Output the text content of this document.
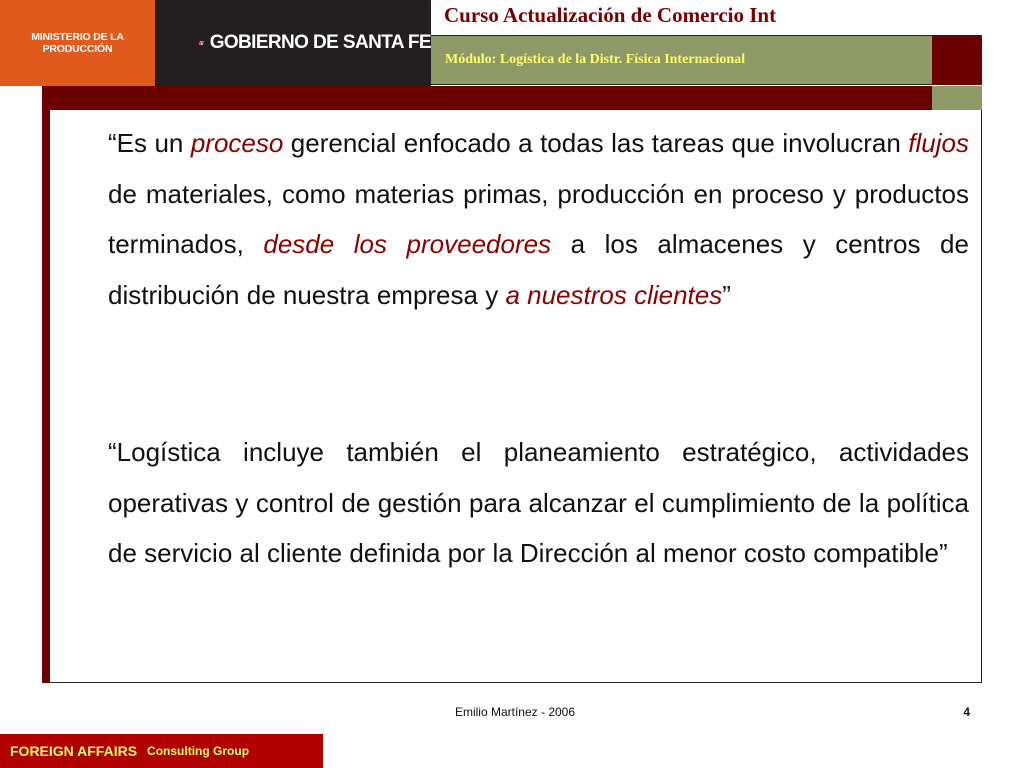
MINISTERIO DE LA PRODUCCIÓN	GOBIERNO DE SANTA FE
Curso Actualización de Comercio Int
Módulo: Logística de la Distr. Física Internacional
“Es un proceso gerencial enfocado a todas las tareas que involucran flujos de materiales, como materias primas, producción en proceso y productos terminados, desde los proveedores a los almacenes y centros de distribución de nuestra empresa y a nuestros clientes”
“Logística incluye también el planeamiento estratégico, actividades operativas y control de gestión para alcanzar el cumplimiento de la política de servicio al cliente definida por la Dirección al menor costo compatible”
Emilio Martínez - 2006	4
FOREIGN AFFAIRS Consulting Group
